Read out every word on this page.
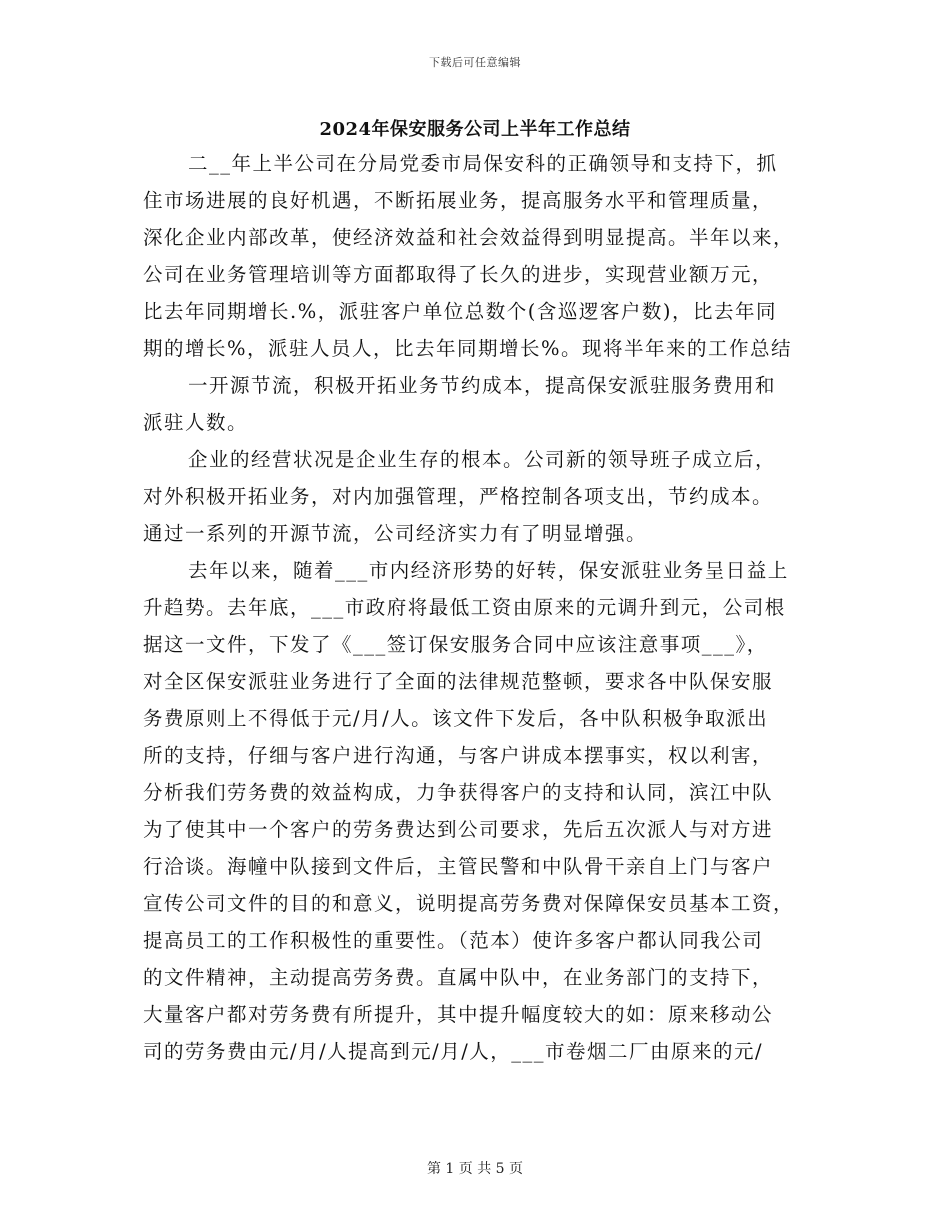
下载后可任意编辑
2024年保安服务公司上半年工作总结
二__年上半公司在分局党委市局保安科的正确领导和支持下，抓
住市场进展的良好机遇，不断拓展业务，提高服务水平和管理质量，
深化企业内部改革，使经济效益和社会效益得到明显提高。半年以来，
公司在业务管理培训等方面都取得了长久的进步，实现营业额万元，
比去年同期增长.%，派驻客户单位总数个(含巡逻客户数)，比去年同
期的增长%，派驻人员人，比去年同期增长%。现将半年来的工作总结
一开源节流，积极开拓业务节约成本，提高保安派驻服务费用和
派驻人数。
企业的经营状况是企业生存的根本。公司新的领导班子成立后，
对外积极开拓业务，对内加强管理，严格控制各项支出，节约成本。
通过一系列的开源节流，公司经济实力有了明显增强。
去年以来，随着___市内经济形势的好转，保安派驻业务呈日益上
升趋势。去年底，___市政府将最低工资由原来的元调升到元，公司根
据这一文件，下发了《___签订保安服务合同中应该注意事项___》，
对全区保安派驻业务进行了全面的法律规范整顿，要求各中队保安服
务费原则上不得低于元/月/人。该文件下发后，各中队积极争取派出
所的支持，仔细与客户进行沟通，与客户讲成本摆事实，权以利害，
分析我们劳务费的效益构成，力争获得客户的支持和认同，滨江中队
为了使其中一个客户的劳务费达到公司要求，先后五次派人与对方进
行洽谈。海幢中队接到文件后，主管民警和中队骨干亲自上门与客户
宣传公司文件的目的和意义，说明提高劳务费对保障保安员基本工资，
提高员工的工作积极性的重要性。（范本）使许多客户都认同我公司
的文件精神，主动提高劳务费。直属中队中，在业务部门的支持下，
大量客户都对劳务费有所提升，其中提升幅度较大的如：原来移动公
司的劳务费由元/月/人提高到元/月/人，___市卷烟二厂由原来的元/
第 1 页 共 5 页
